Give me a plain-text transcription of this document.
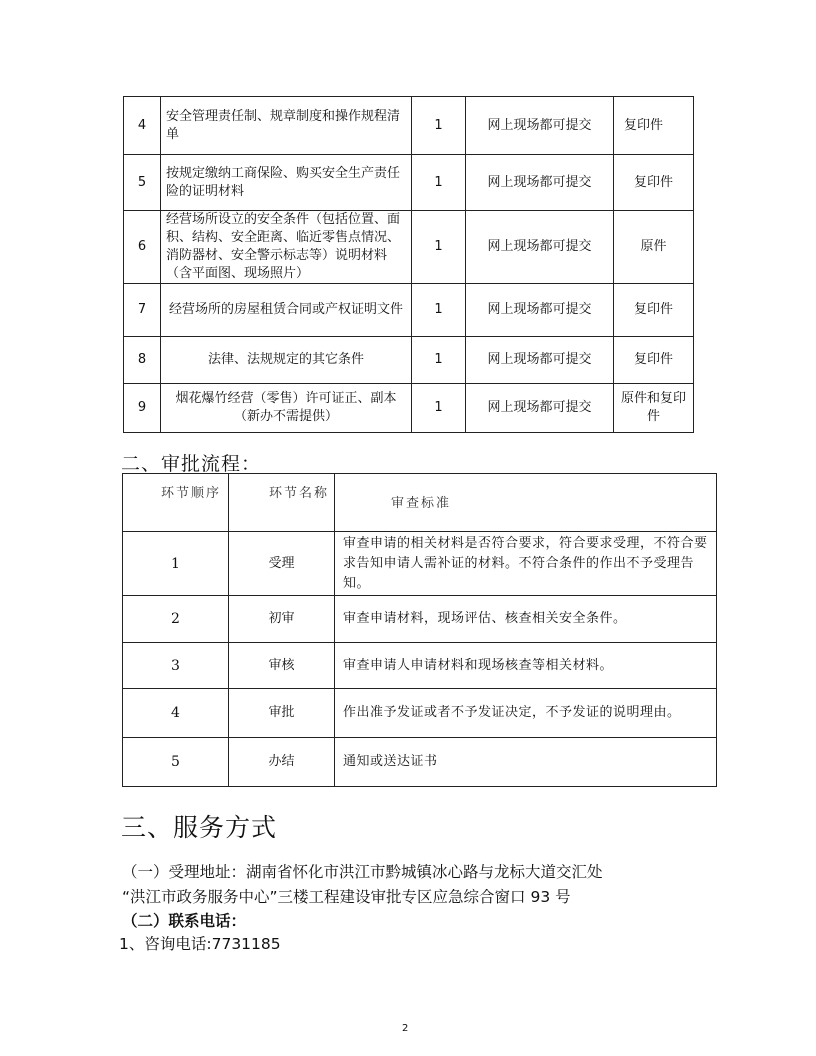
4	安全管理责任制、规章制度和操作规程清单	1	网上现场都可提交	复印件
5	按规定缴纳工商保险、购买安全生产责任险的证明材料	1	网上现场都可提交	复印件
6	经营场所设立的安全条件（包括位置、面积、结构、安全距离、临近零售点情况、消防器材、安全警示标志等）说明材料（含平面图、现场照片）	1	网上现场都可提交	原件
7	经营场所的房屋租赁合同或产权证明文件	1	网上现场都可提交	复印件
8	法律、法规规定的其它条件	1	网上现场都可提交	复印件
9	烟花爆竹经营（零售）许可证正、副本（新办不需提供）	1	网上现场都可提交	原件和复印件
二、审批流程：
环节顺序	环节名称	审查标准
1	受理	审查申请的相关材料是否符合要求，符合要求受理，不符合要求告知申请人需补证的材料。不符合条件的作出不予受理告知。
2	初审	审查申请材料，现场评估、核查相关安全条件。
3	审核	审查申请人申请材料和现场核查等相关材料。
4	审批	作出准予发证或者不予发证决定，不予发证的说明理由。
5	办结	通知或送达证书
三、服务方式
（一）受理地址：湖南省怀化市洪江市黔城镇冰心路与龙标大道交汇处
“洪江市政务服务中心”三楼工程建设审批专区应急综合窗口 93 号
（二）联系电话：
1、咨询电话:7731185
2
